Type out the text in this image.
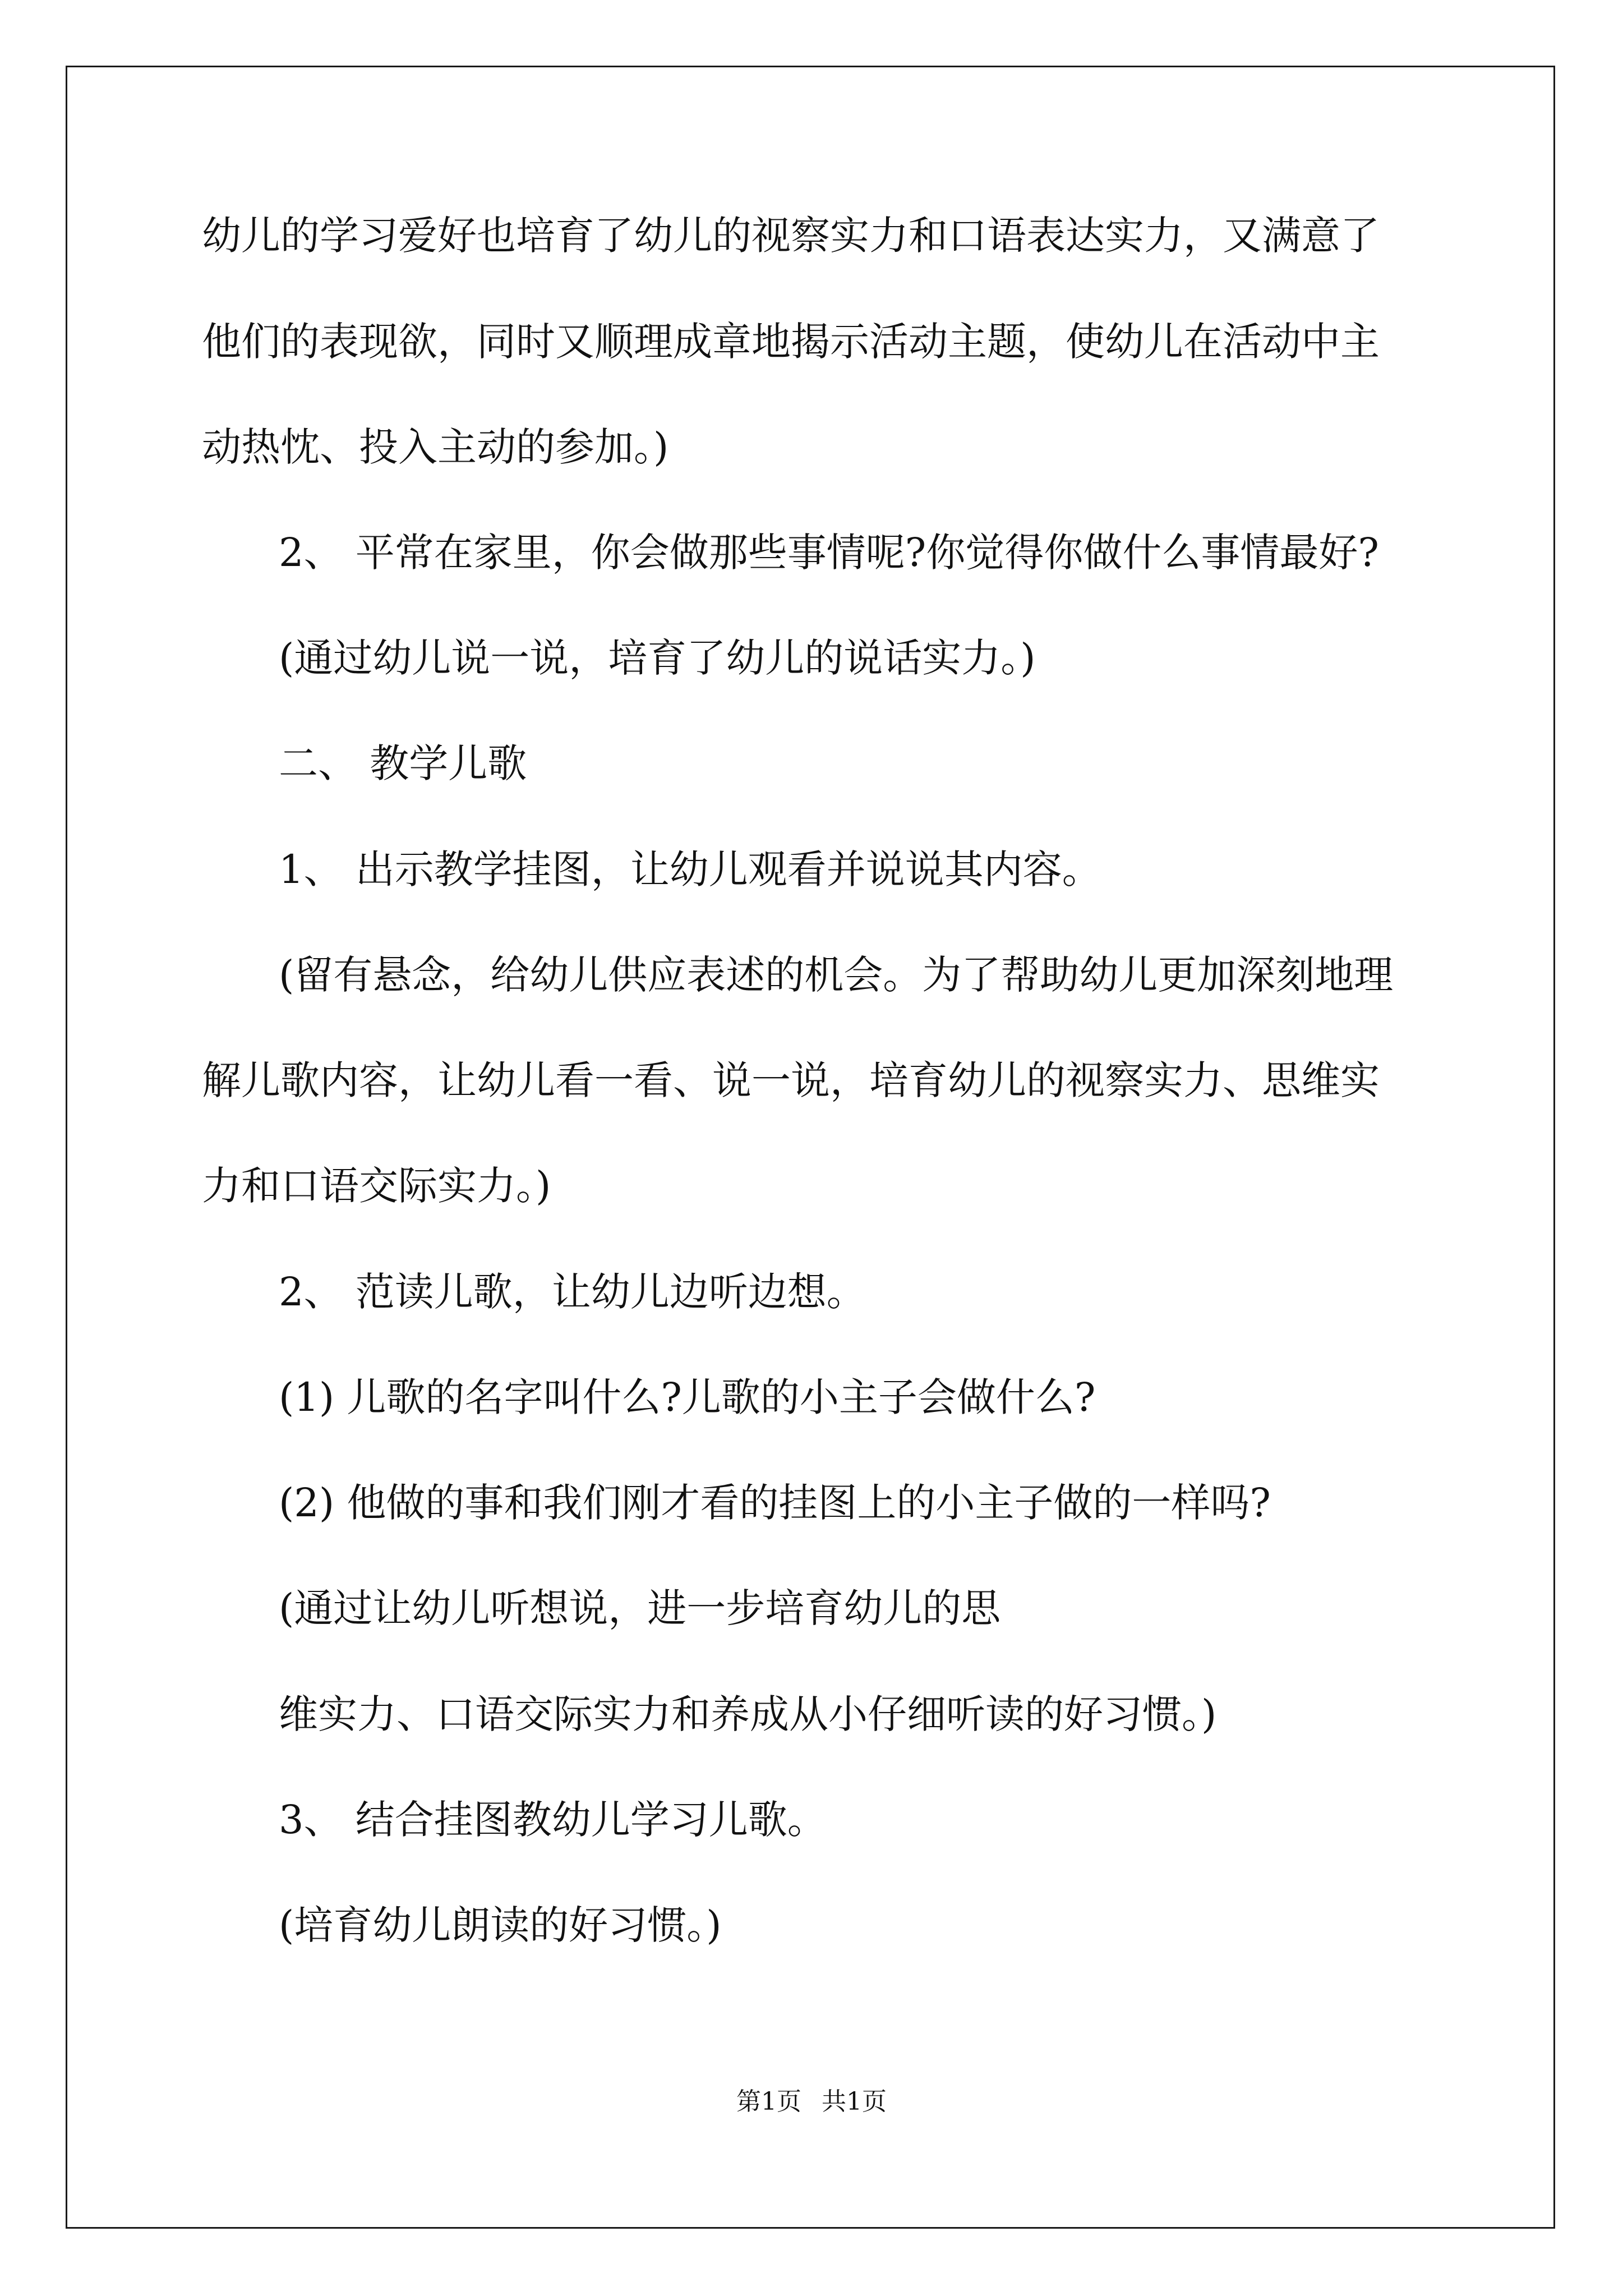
幼儿的学习爱好也培育了幼儿的视察实力和口语表达实力，又满意了

他们的表现欲，同时又顺理成章地揭示活动主题，使幼儿在活动中主

动热忱、投入主动的参加。)

2、 平常在家里，你会做那些事情呢?你觉得你做什么事情最好?

(通过幼儿说一说，培育了幼儿的说话实力。)

二、 教学儿歌

1、 出示教学挂图，让幼儿观看并说说其内容。

(留有悬念，给幼儿供应表述的机会。为了帮助幼儿更加深刻地理

解儿歌内容，让幼儿看一看、说一说，培育幼儿的视察实力、思维实

力和口语交际实力。)

2、 范读儿歌，让幼儿边听边想。

(1) 儿歌的名字叫什么?儿歌的小主子会做什么?

(2) 他做的事和我们刚才看的挂图上的小主子做的一样吗?

(通过让幼儿听想说，进一步培育幼儿的思

维实力、口语交际实力和养成从小仔细听读的好习惯。)

3、 结合挂图教幼儿学习儿歌。

(培育幼儿朗读的好习惯。)

第1页 共1页
